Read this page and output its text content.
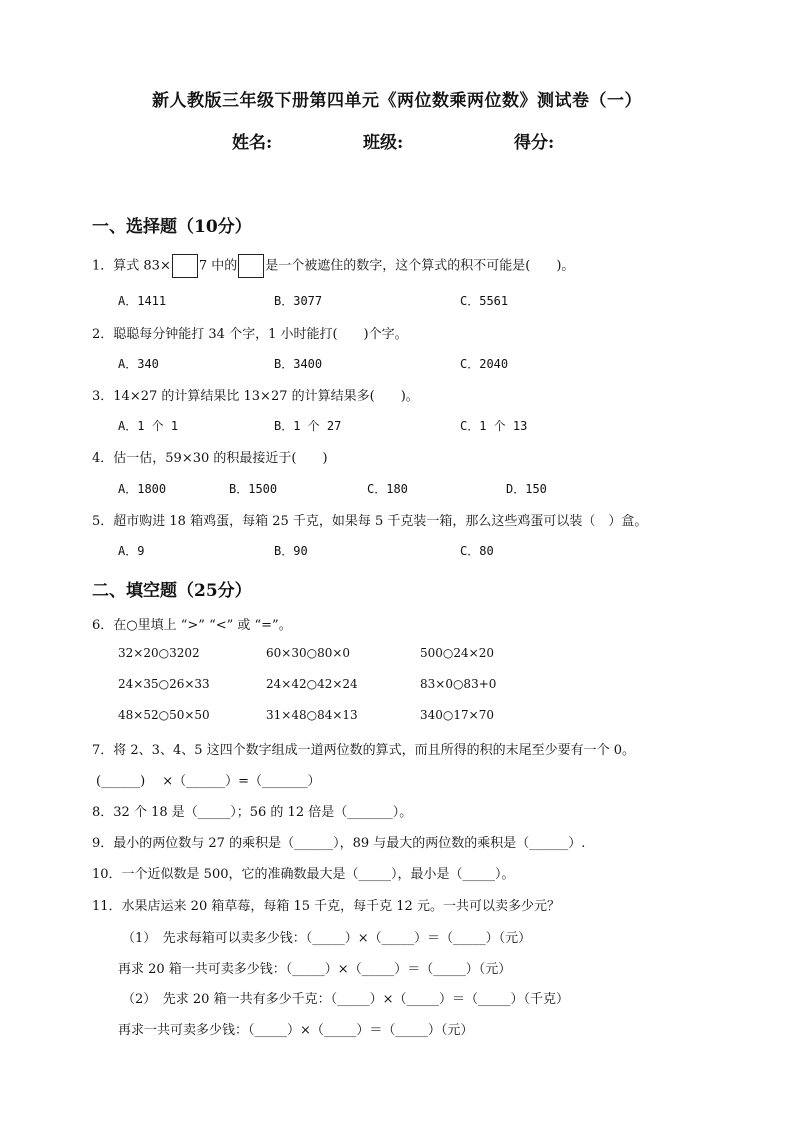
新人教版三年级下册第四单元《两位数乘两位数》测试卷（一）
姓名:	班级:	得分:
一、选择题（10分）
1．算式 83× 7 中的 是一个被遮住的数字，这个算式的积不可能是(　　)。
A．1411	B．3077	C．5561
2．聪聪每分钟能打 34 个字，1 小时能打(　　)个字。
A．340	B．3400	C．2040
3．14×27 的计算结果比 13×27 的计算结果多(　　)。
A．1 个 1	B．1 个 27	C．1 个 13
4．估一估，59×30 的积最接近于(　　)
A．1800	B．1500	C．180	D．150
5．超市购进 18 箱鸡蛋，每箱 25 千克，如果每 5 千克装一箱，那么这些鸡蛋可以装（　）盒。
A．9	B．90	C．80
二、填空题（25分）
6．在○里填上 “>” “<” 或 “=”。
32×20○3202	60×30○80×0	500○24×20
24×35○26×33	24×42○42×24	83×0○83+0
48×52○50×50	31×48○84×13	340○17×70
7．将 2、3、4、5 这四个数字组成一道两位数的算式，而且所得的积的末尾至少要有一个 0。
(______)　 ×（______）=（_______）
8．32 个 18 是（_____）；56 的 12 倍是（_______）。
9．最小的两位数与 27 的乘积是（______），89 与最大的两位数的乘积是（______）.
10．一个近似数是 500，它的准确数最大是（_____），最小是（_____）。
11．水果店运来 20 箱草莓，每箱 15 千克，每千克 12 元。一共可以卖多少元？
（1）　先求每箱可以卖多少钱：（_____）×（_____）＝（_____）（元）
再求 20 箱一共可卖多少钱：（_____）×（_____）＝（_____）（元）
（2）　先求 20 箱一共有多少千克：（_____）×（_____）＝（_____）（千克）
再求一共可卖多少钱：（_____）×（_____）＝（_____）（元）
